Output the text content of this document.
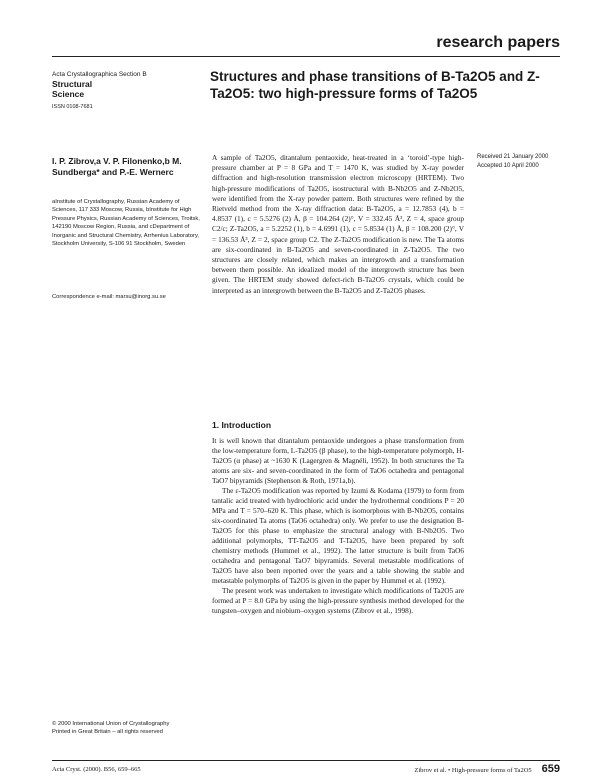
research papers
Acta Crystallographica Section B
Structural
Science
ISSN 0108-7681
Structures and phase transitions of B-Ta2O5 and Z-Ta2O5: two high-pressure forms of Ta2O5
I. P. Zibrov,a V. P. Filonenko,b M. Sundberga* and P.-E. Wernerc
aInstitute of Crystallography, Russian Academy of Sciences, 117 333 Moscow, Russia, bInstitute for High Pressure Physics, Russian Academy of Sciences, Troitsk, 142190 Moscow Region, Russia, and cDepartment of Inorganic and Structural Chemistry, Arrhenius Laboratory, Stockholm University, S-106 91 Stockholm, Sweden
Correspondence e-mail: marsu@inorg.su.se
A sample of Ta2O5, ditantalum pentaoxide, heat-treated in a ‘toroid’-type high-pressure chamber at P = 8 GPa and T = 1470 K, was studied by X-ray powder diffraction and high-resolution transmission electron microscopy (HRTEM). Two high-pressure modifications of Ta2O5, isostructural with B-Nb2O5 and Z-Nb2O5, were identified from the X-ray powder pattern. Both structures were refined by the Rietveld method from the X-ray diffraction data: B-Ta2O5, a = 12.7853 (4), b = 4.8537 (1), c = 5.5276 (2) Å, β = 104.264 (2)°, V = 332.45 Å³, Z = 4, space group C2/c; Z-Ta2O5, a = 5.2252 (1), b = 4.6991 (1), c = 5.8534 (1) Å, β = 108.200 (2)°, V = 136.53 Å³, Z = 2, space group C2. The Z-Ta2O5 modification is new. The Ta atoms are six-coordinated in B-Ta2O5 and seven-coordinated in Z-Ta2O5. The two structures are closely related, which makes an intergrowth and a transformation between them possible. An idealized model of the intergrowth structure has been given. The HRTEM study showed defect-rich B-Ta2O5 crystals, which could be interpreted as an intergrowth between the B-Ta2O5 and Z-Ta2O5 phases.
Received 21 January 2000
Accepted 10 April 2000
1. Introduction

It is well known that ditantalum pentaoxide undergoes a phase transformation from the low-temperature form, L-Ta2O5 (β phase), to the high-temperature polymorph, H-Ta2O5 (α phase) at ~1630 K (Lagergren & Magnéli, 1952). In both structures the Ta atoms are six- and seven-coordinated in the form of TaO6 octahedra and pentagonal TaO7 bipyramids (Stephenson & Roth, 1971a,b).

The ε-Ta2O5 modification was reported by Izumi & Kodama (1979) to form from tantalic acid treated with hydrochloric acid under the hydrothermal conditions P = 20 MPa and T = 570–620 K. This phase, which is isomorphous with B-Nb2O5, contains six-coordinated Ta atoms (TaO6 octahedra) only. We prefer to use the designation B-Ta2O5 for this phase to emphasize the structural analogy with B-Nb2O5. Two additional polymorphs, TT-Ta2O5 and T-Ta2O5, have been prepared by soft chemistry methods (Hummel et al., 1992). The latter structure is built from TaO6 octahedra and pentagonal TaO7 bipyramids. Several metastable modifications of Ta2O5 have also been reported over the years and a table showing the stable and metastable polymorphs of Ta2O5 is given in the paper by Hummel et al. (1992).

The present work was undertaken to investigate which modifications of Ta2O5 are formed at P = 8.0 GPa by using the high-pressure synthesis method developed for the tungsten–oxygen and niobium–oxygen systems (Zibrov et al., 1998).

© 2000 International Union of Crystallography
Printed in Great Britain – all rights reserved
Acta Cryst. (2000). B56, 659–665	Zibrov et al. • High-pressure forms of Ta2O5 659
